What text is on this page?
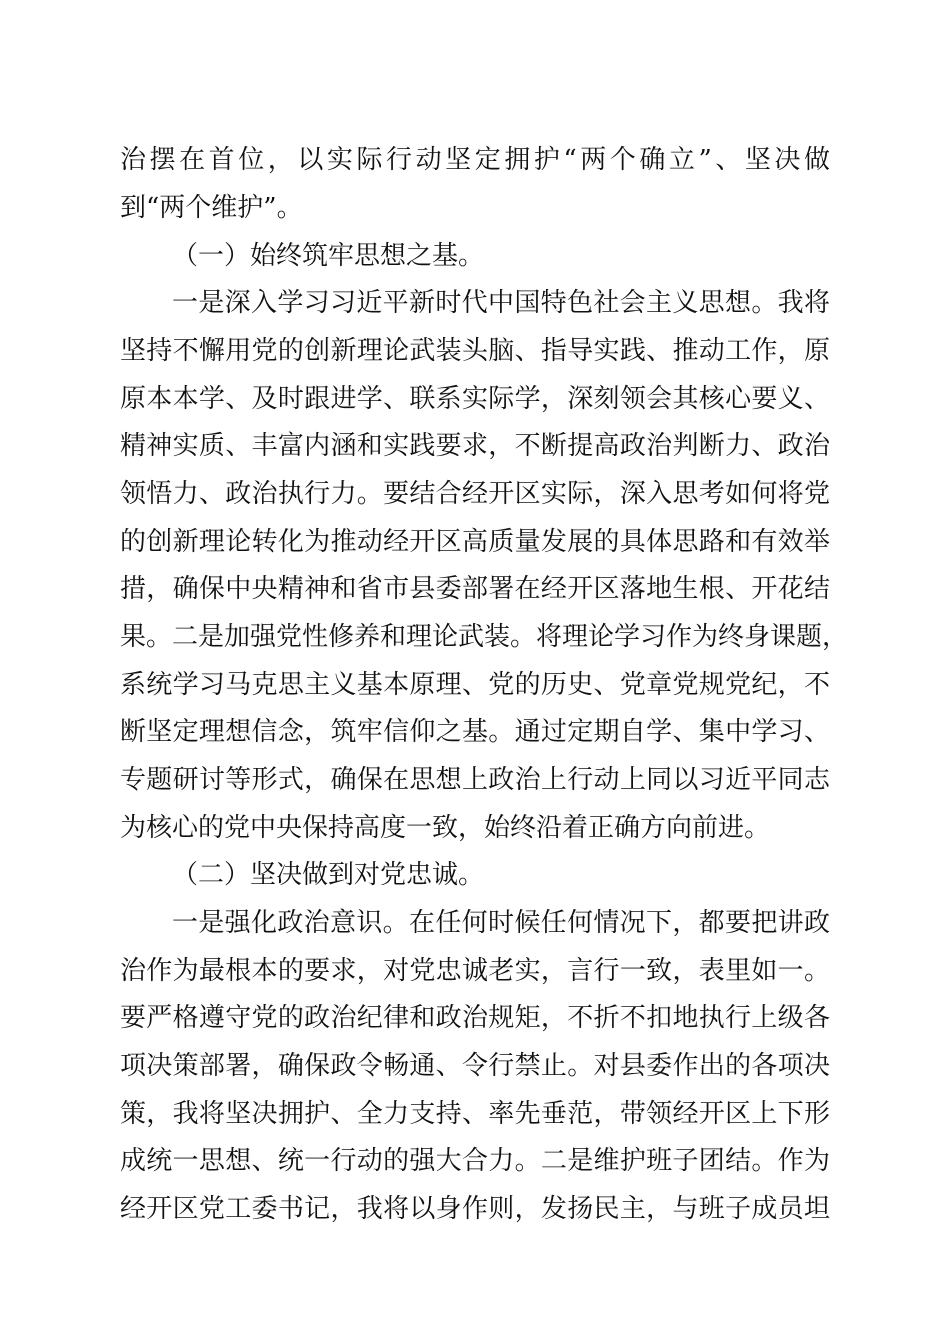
治摆在首位，以实际行动坚定拥护“两个确立”、坚决做
到“两个维护”。
（一）始终筑牢思想之基。
一是深入学习习近平新时代中国特色社会主义思想。我将
坚持不懈用党的创新理论武装头脑、指导实践、推动工作，原
原本本学、及时跟进学、联系实际学，深刻领会其核心要义、
精神实质、丰富内涵和实践要求，不断提高政治判断力、政治
领悟力、政治执行力。要结合经开区实际，深入思考如何将党
的创新理论转化为推动经开区高质量发展的具体思路和有效举
措，确保中央精神和省市县委部署在经开区落地生根、开花结
果。二是加强党性修养和理论武装。将理论学习作为终身课题，
系统学习马克思主义基本原理、党的历史、党章党规党纪，不
断坚定理想信念，筑牢信仰之基。通过定期自学、集中学习、
专题研讨等形式，确保在思想上政治上行动上同以习近平同志
为核心的党中央保持高度一致，始终沿着正确方向前进。
（二）坚决做到对党忠诚。
一是强化政治意识。在任何时候任何情况下，都要把讲政
治作为最根本的要求，对党忠诚老实，言行一致，表里如一。
要严格遵守党的政治纪律和政治规矩，不折不扣地执行上级各
项决策部署，确保政令畅通、令行禁止。对县委作出的各项决
策，我将坚决拥护、全力支持、率先垂范，带领经开区上下形
成统一思想、统一行动的强大合力。二是维护班子团结。作为
经开区党工委书记，我将以身作则，发扬民主，与班子成员坦
